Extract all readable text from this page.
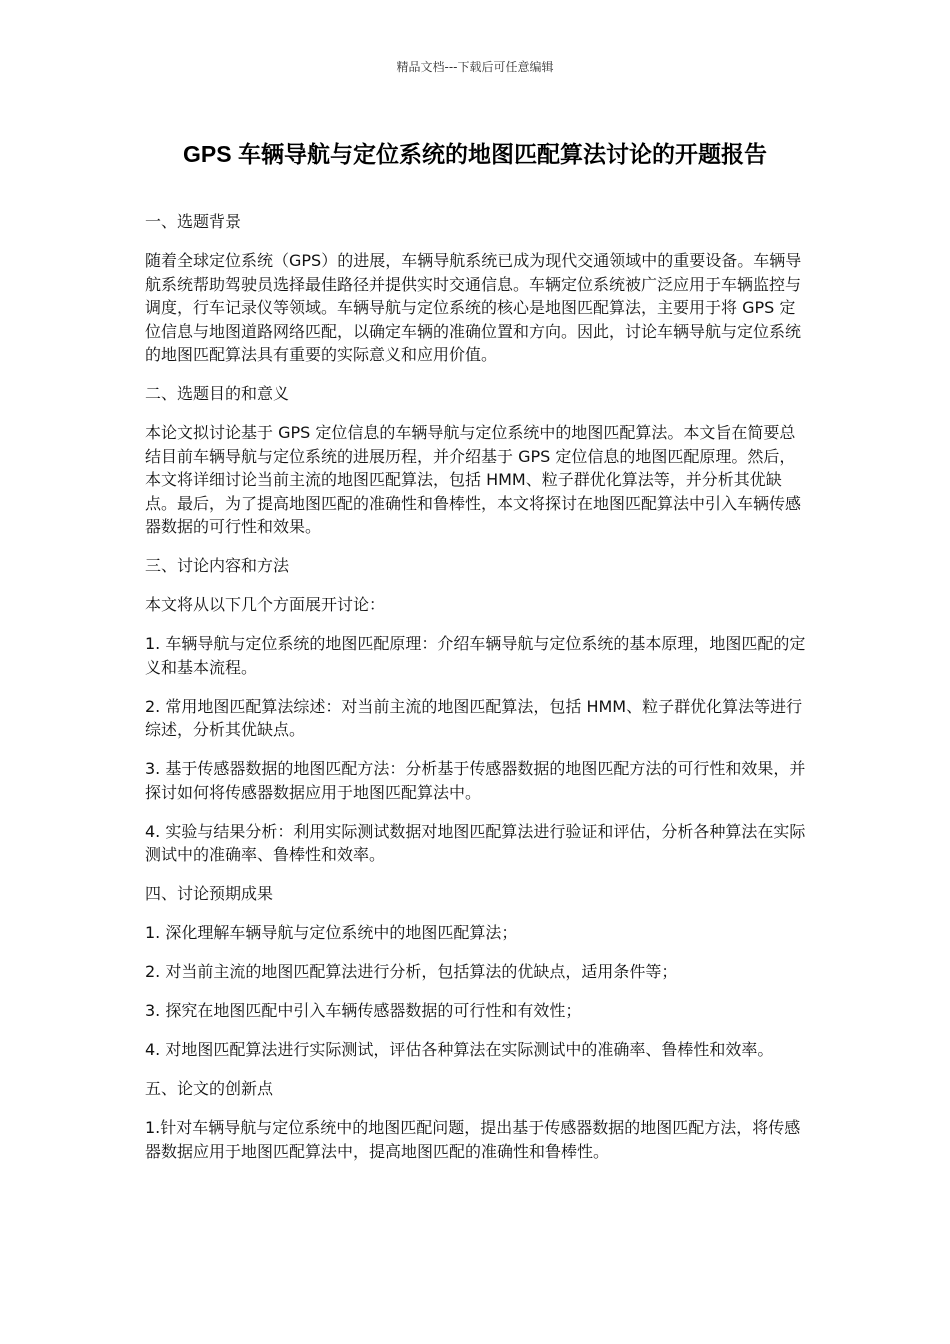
精品文档---下载后可任意编辑
GPS 车辆导航与定位系统的地图匹配算法讨论的开题报告

一、选题背景

随着全球定位系统（GPS）的进展，车辆导航系统已成为现代交通领域中的重要设备。车辆导航系统帮助驾驶员选择最佳路径并提供实时交通信息。车辆定位系统被广泛应用于车辆监控与调度，行车记录仪等领域。车辆导航与定位系统的核心是地图匹配算法，主要用于将 GPS 定位信息与地图道路网络匹配，以确定车辆的准确位置和方向。因此，讨论车辆导航与定位系统的地图匹配算法具有重要的实际意义和应用价值。

二、选题目的和意义

本论文拟讨论基于 GPS 定位信息的车辆导航与定位系统中的地图匹配算法。本文旨在简要总结目前车辆导航与定位系统的进展历程，并介绍基于 GPS 定位信息的地图匹配原理。然后，本文将详细讨论当前主流的地图匹配算法，包括 HMM、粒子群优化算法等，并分析其优缺点。最后，为了提高地图匹配的准确性和鲁棒性，本文将探讨在地图匹配算法中引入车辆传感器数据的可行性和效果。

三、讨论内容和方法

本文将从以下几个方面展开讨论：

1. 车辆导航与定位系统的地图匹配原理：介绍车辆导航与定位系统的基本原理，地图匹配的定义和基本流程。

2. 常用地图匹配算法综述：对当前主流的地图匹配算法，包括 HMM、粒子群优化算法等进行综述，分析其优缺点。

3. 基于传感器数据的地图匹配方法：分析基于传感器数据的地图匹配方法的可行性和效果，并探讨如何将传感器数据应用于地图匹配算法中。

4. 实验与结果分析：利用实际测试数据对地图匹配算法进行验证和评估，分析各种算法在实际测试中的准确率、鲁棒性和效率。

四、讨论预期成果

1. 深化理解车辆导航与定位系统中的地图匹配算法；

2. 对当前主流的地图匹配算法进行分析，包括算法的优缺点，适用条件等；

3. 探究在地图匹配中引入车辆传感器数据的可行性和有效性；

4. 对地图匹配算法进行实际测试，评估各种算法在实际测试中的准确率、鲁棒性和效率。

五、论文的创新点

1.针对车辆导航与定位系统中的地图匹配问题，提出基于传感器数据的地图匹配方法，将传感器数据应用于地图匹配算法中，提高地图匹配的准确性和鲁棒性。
